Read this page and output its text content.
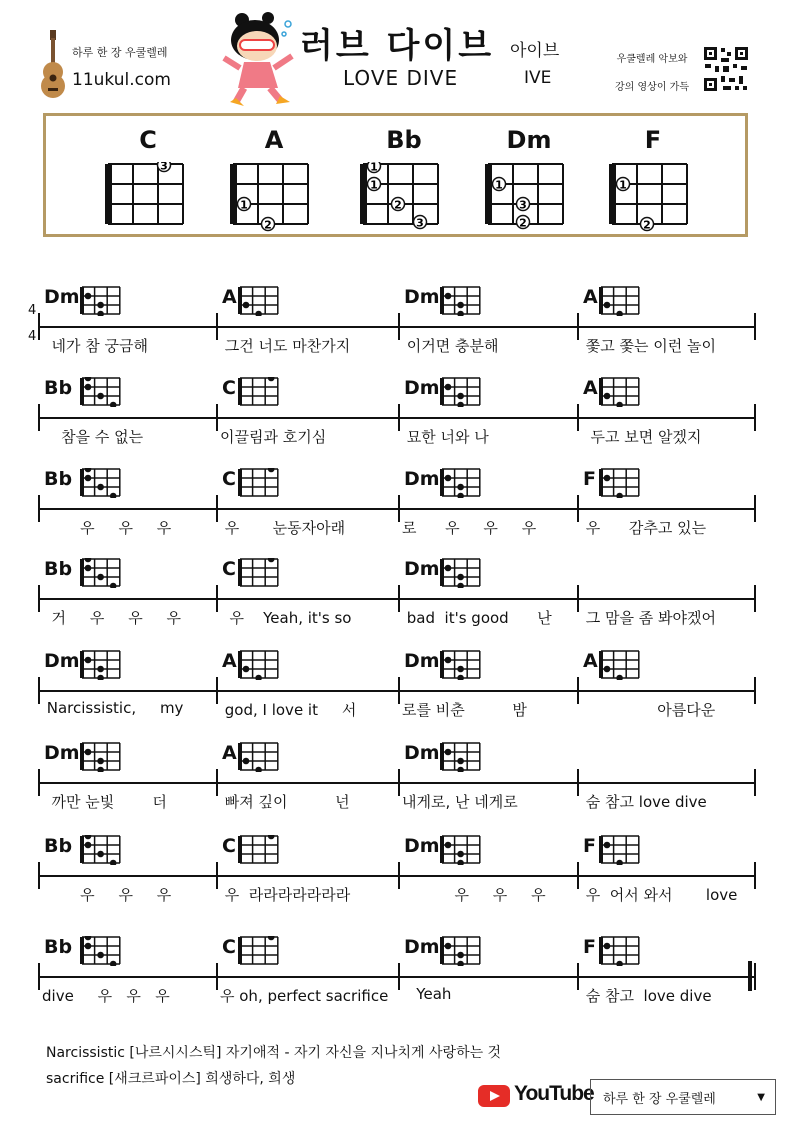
하루 한 장 우쿨렐레
11ukul.com
러브 다이브 아이브
LOVE DIVE	IVE
우쿨렐레 악보와
강의 영상이 가득
C	A	Bb	Dm	F
3
1
2
1
1
2
3
1
3
2
1
2
Dm
네가 참 궁금해
A
그건 너도 마찬가지
Dm
이거면 충분해
A
쫓고 쫓는 이런 놀이
Bb
참을 수 없는
C
이끌림과 호기심
Dm
묘한 너와 나
A
두고 보면 알겠지
Bb
우     우     우
C
우       눈동자아래
Dm
로      우     우     우
F
우      감추고 있는
Bb
거     우     우     우
C
우    Yeah, it's so
Dm
bad  it's good      난 그 맘을 좀 봐야겠어
Dm
Narcissistic,     my
A
god, I love it     서
Dm
로를 비춘          밤
A
아름다운
Dm
까만 눈빛        더
A
빠져 깊이          넌
Dm
내게로, 난 네게로	숨 참고 love dive
Bb
우     우     우
C
우  라라라라라라라
Dm
우     우     우
F
우  어서 와서       love
Bb
dive     우   우   우
C
우 oh, perfect sacrifice
Dm
Yeah
F
숨 참고  love dive
4
4
Narcissistic [나르시시스틱] 자기애적 - 자기 자신을 지나치게 사랑하는 것
sacrifice [새크르파이스] 희생하다, 희생
YouTube 하루 한 장 우쿨렐레	▼
